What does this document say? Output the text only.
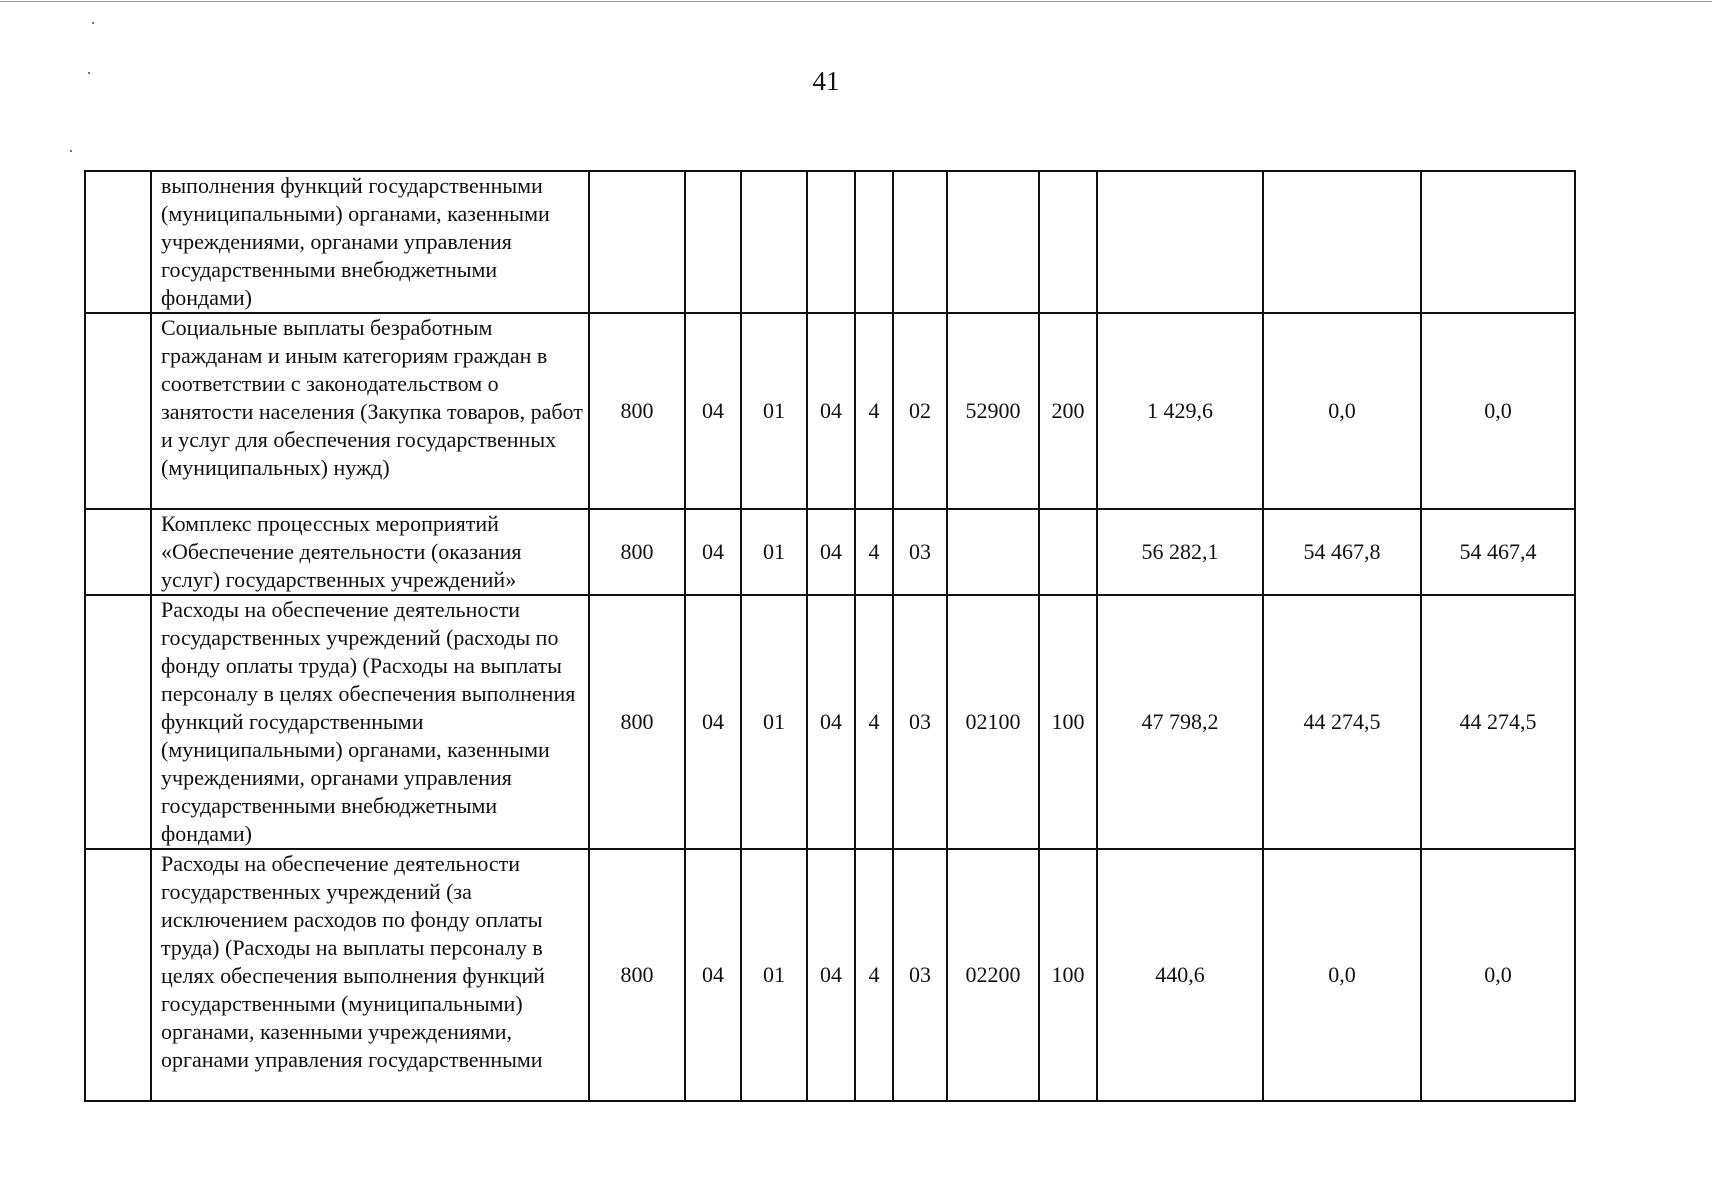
41
	выполнения функций государственными (муниципальными) органами, казенными учреждениями, органами управления государственными внебюджетными фондами)											
	Социальные выплаты безработным гражданам и иным категориям граждан в соответствии с законодательством о занятости населения (Закупка товаров, работ и услуг для обеспечения государственных (муниципальных) нужд)	800	04	01	04	4	02	52900	200	1 429,6	0,0	0,0
	Комплекс процессных мероприятий «Обеспечение деятельности (оказания услуг) государственных учреждений»	800	04	01	04	4	03			56 282,1	54 467,8	54 467,4
	Расходы на обеспечение деятельности государственных учреждений (расходы по фонду оплаты труда) (Расходы на выплаты персоналу в целях обеспечения выполнения функций государственными (муниципальными) органами, казенными учреждениями, органами управления государственными внебюджетными фондами)	800	04	01	04	4	03	02100	100	47 798,2	44 274,5	44 274,5
	Расходы на обеспечение деятельности государственных учреждений (за исключением расходов по фонду оплаты труда) (Расходы на выплаты персоналу в целях обеспечения выполнения функций государственными (муниципальными) органами, казенными учреждениями, органами управления государственными	800	04	01	04	4	03	02200	100	440,6	0,0	0,0
